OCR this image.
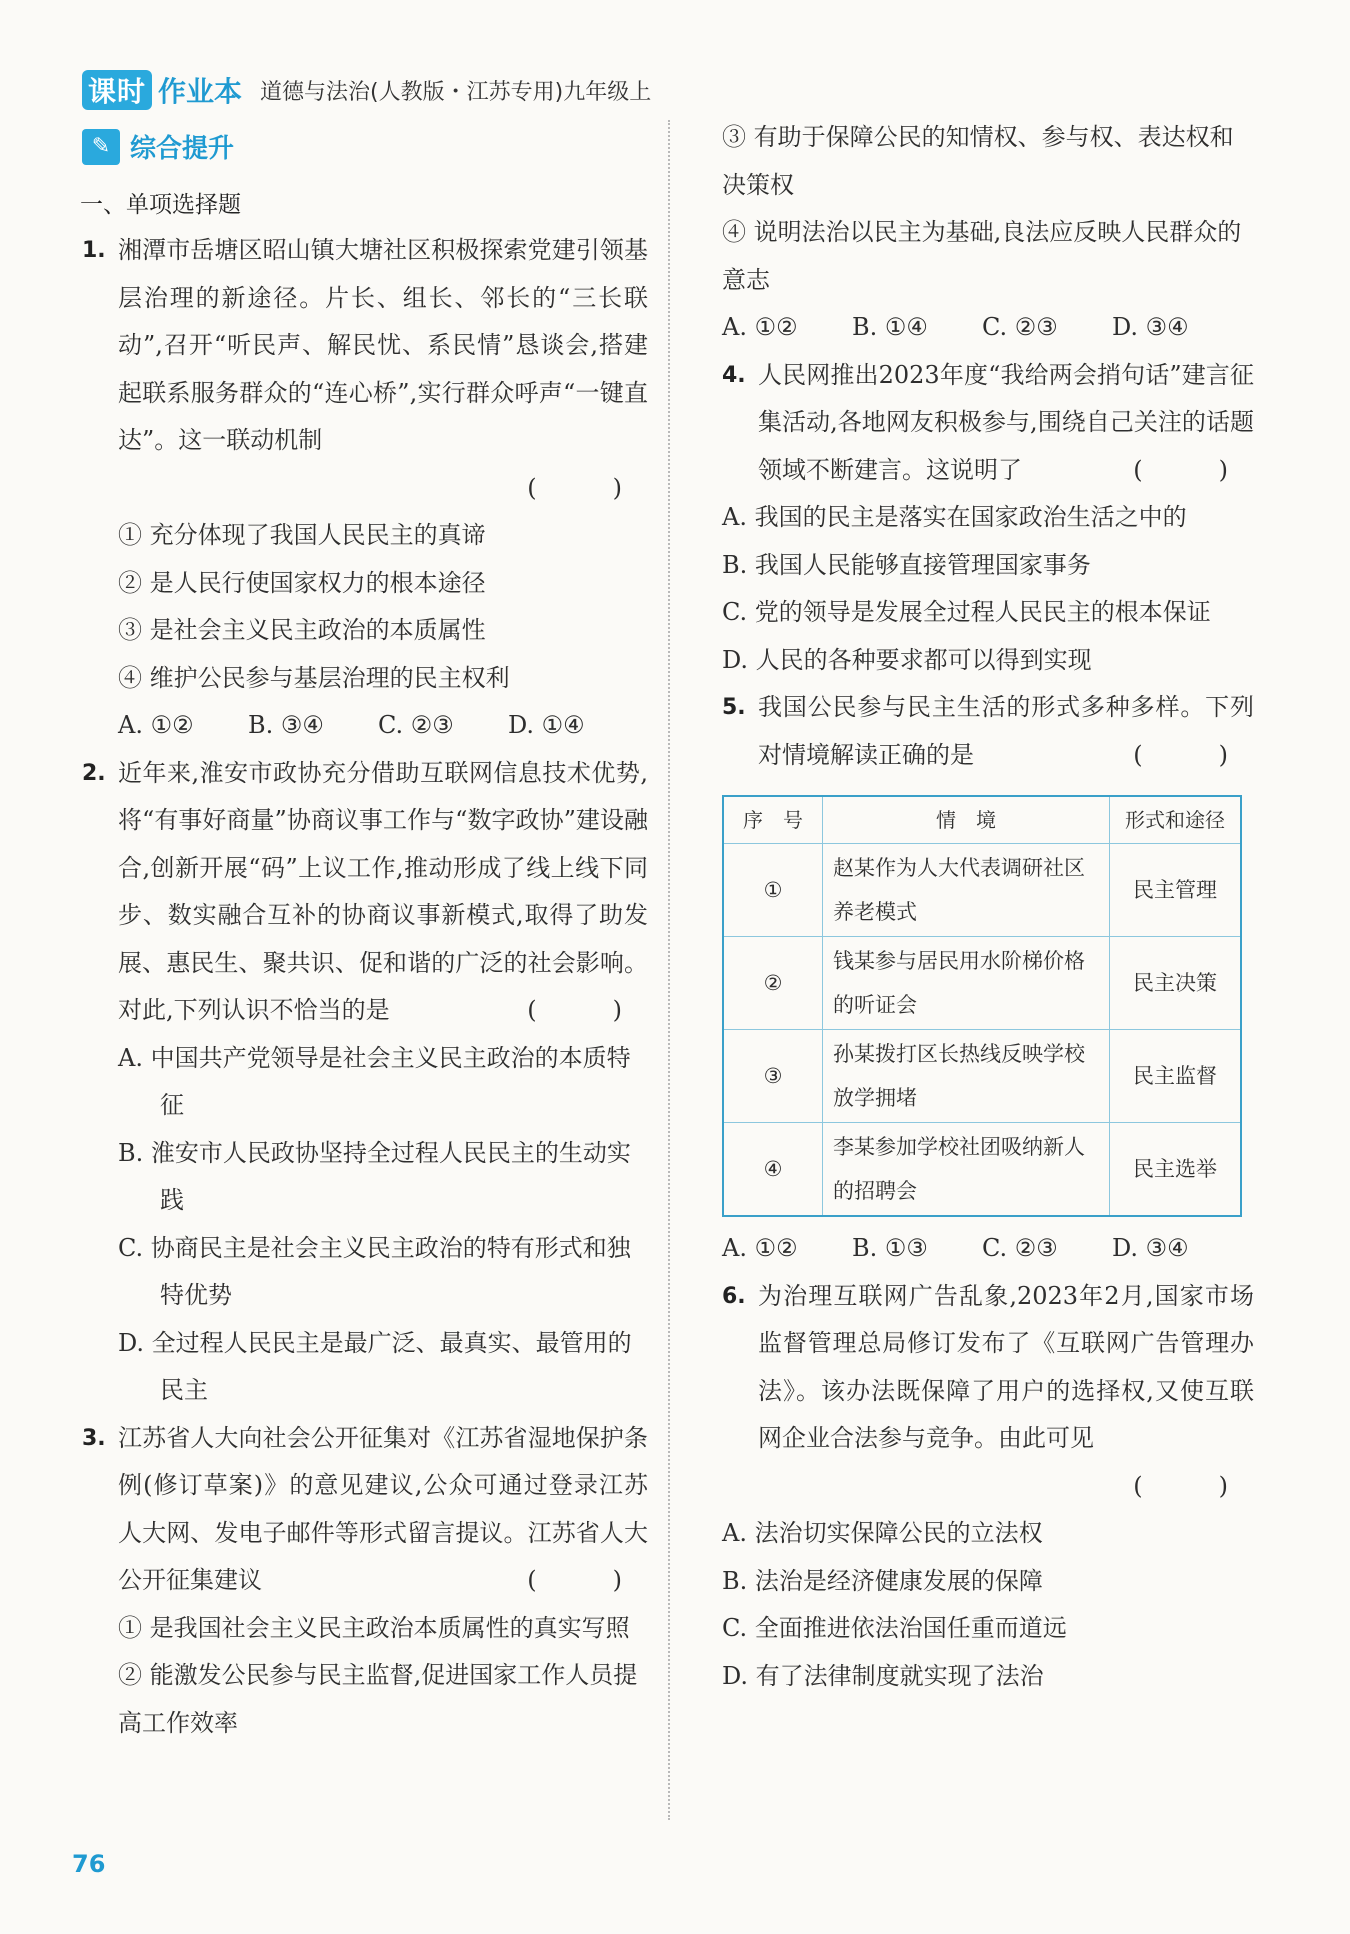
课时 作业本 道德与法治(人教版・江苏专用)九年级上
✎ 综合提升
一、单项选择题
1. 湘潭市岳塘区昭山镇大塘社区积极探索党建引领基层治理的新途径。片长、组长、邻长的“三长联动”,召开“听民声、解民忧、系民情”恳谈会,搭建起联系服务群众的“连心桥”,实行群众呼声“一键直达”。这一联动机制
(　)
① 充分体现了我国人民民主的真谛
② 是人民行使国家权力的根本途径
③ 是社会主义民主政治的本质属性
④ 维护公民参与基层治理的民主权利
A. ①②	B. ③④	C. ②③	D. ①④
2. 近年来,淮安市政协充分借助互联网信息技术优势,将“有事好商量”协商议事工作与“数字政协”建设融合,创新开展“码”上议工作,推动形成了线上线下同步、数实融合互补的协商议事新模式,取得了助发展、惠民生、聚共识、促和谐的广泛的社会影响。对此,下列认识不恰当的是	(　)
A. 中国共产党领导是社会主义民主政治的本质特征
B. 淮安市人民政协坚持全过程人民民主的生动实践
C. 协商民主是社会主义民主政治的特有形式和独特优势
D. 全过程人民民主是最广泛、最真实、最管用的民主
3. 江苏省人大向社会公开征集对《江苏省湿地保护条例(修订草案)》的意见建议,公众可通过登录江苏人大网、发电子邮件等形式留言提议。江苏省人大公开征集建议	(　)
① 是我国社会主义民主政治本质属性的真实写照
② 能激发公民参与民主监督,促进国家工作人员提高工作效率
③ 有助于保障公民的知情权、参与权、表达权和决策权
④ 说明法治以民主为基础,良法应反映人民群众的意志
A. ①②	B. ①④	C. ②③	D. ③④
4. 人民网推出2023年度“我给两会捎句话”建言征集活动,各地网友积极参与,围绕自己关注的话题领域不断建言。这说明了	(　)
A. 我国的民主是落实在国家政治生活之中的
B. 我国人民能够直接管理国家事务
C. 党的领导是发展全过程人民民主的根本保证
D. 人民的各种要求都可以得到实现
5. 我国公民参与民主生活的形式多种多样。下列对情境解读正确的是	(　)
序　号	情　境	形式和途径
①	赵某作为人大代表调研社区养老模式	民主管理
②	钱某参与居民用水阶梯价格的听证会	民主决策
③	孙某拨打区长热线反映学校放学拥堵	民主监督
④	李某参加学校社团吸纳新人的招聘会	民主选举
A. ①②	B. ①③	C. ②③	D. ③④
6. 为治理互联网广告乱象,2023年2月,国家市场监督管理总局修订发布了《互联网广告管理办法》。该办法既保障了用户的选择权,又使互联网企业合法参与竞争。由此可见
(　)
A. 法治切实保障公民的立法权
B. 法治是经济健康发展的保障
C. 全面推进依法治国任重而道远
D. 有了法律制度就实现了法治
76
